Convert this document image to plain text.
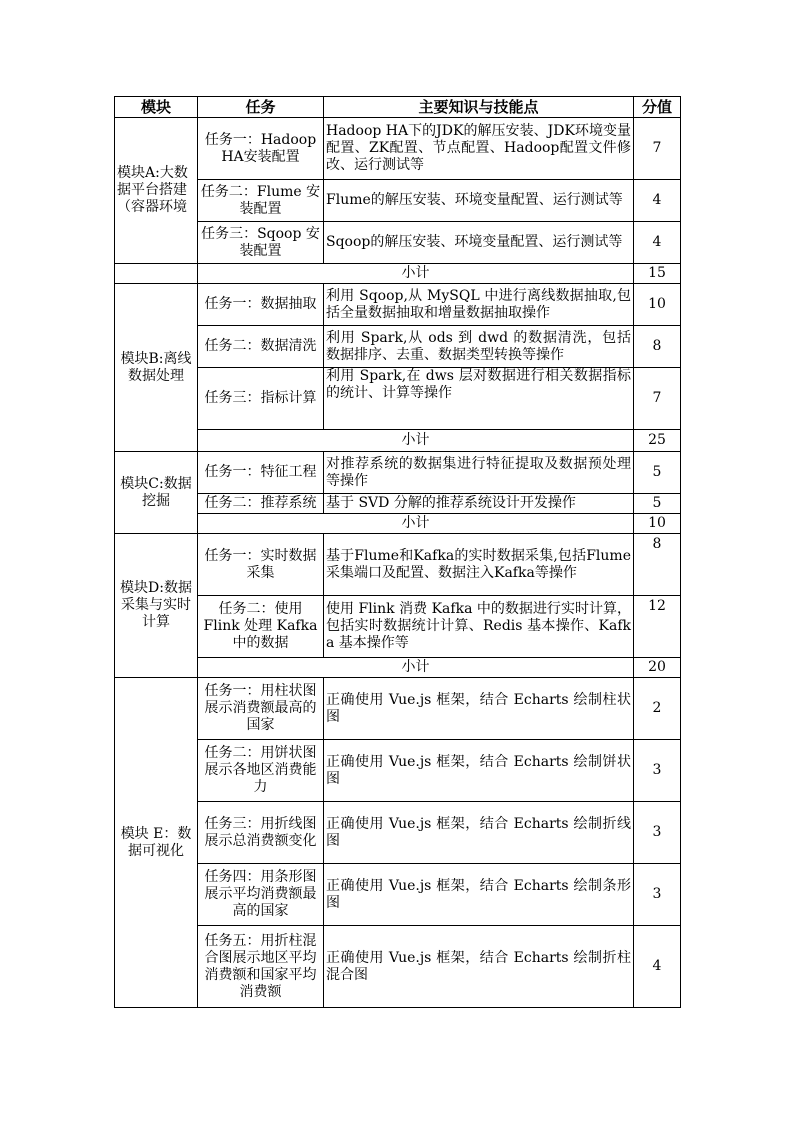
模块	任务	主要知识与技能点	分值

模块A:大数
据平台搭建
（容器环境	任务一：Hadoop HA安装配置	Hadoop HA下的JDK的解压安装、JDK环境变量配置、ZK配置、节点配置、Hadoop配置文件修改、运行测试等	7
	任务二：Flume 安装配置	Flume的解压安装、环境变量配置、运行测试等	4
	任务三：Sqoop 安装配置	Sqoop的解压安装、环境变量配置、运行测试等	4
	小计		15
模块B:离线数据处理	任务一：数据抽取	利用 Sqoop,从 MySQL 中进行离线数据抽取,包括全量数据抽取和增量数据抽取操作	10
	任务二：数据清洗	利用 Spark,从 ods 到 dwd 的数据清洗，包括数据排序、去重、数据类型转换等操作	8
	任务三：指标计算	利用 Spark,在 dws 层对数据进行相关数据指标的统计、计算等操作	7
	小计		25
模块C:数据挖掘	任务一：特征工程	对推荐系统的数据集进行特征提取及数据预处理等操作	5
	任务二：推荐系统	基于 SVD 分解的推荐系统设计开发操作	5
	小计		10
模块D:数据采集与实时计算	任务一：实时数据采集	基于Flume和Kafka的实时数据采集,包括Flume采集端口及配置、数据注入Kafka等操作	8
	任务二：使用 Flink 处理 Kafka 中的数据	使用 Flink 消费 Kafka 中的数据进行实时计算，包括实时数据统计计算、Redis 基本操作、Kafka 基本操作等	12
	小计		20
模块 E：数据可视化	任务一：用柱状图展示消费额最高的国家	正确使用 Vue.js 框架，结合 Echarts 绘制柱状图	2
	任务二：用饼状图展示各地区消费能力	正确使用 Vue.js 框架，结合 Echarts 绘制饼状图	3
	任务三：用折线图展示总消费额变化	正确使用 Vue.js 框架，结合 Echarts 绘制折线图	3
	任务四：用条形图展示平均消费额最高的国家	正确使用 Vue.js 框架，结合 Echarts 绘制条形图	3
	任务五：用折柱混合图展示地区平均消费额和国家平均消费额	正确使用 Vue.js 框架，结合 Echarts 绘制折柱混合图	4
